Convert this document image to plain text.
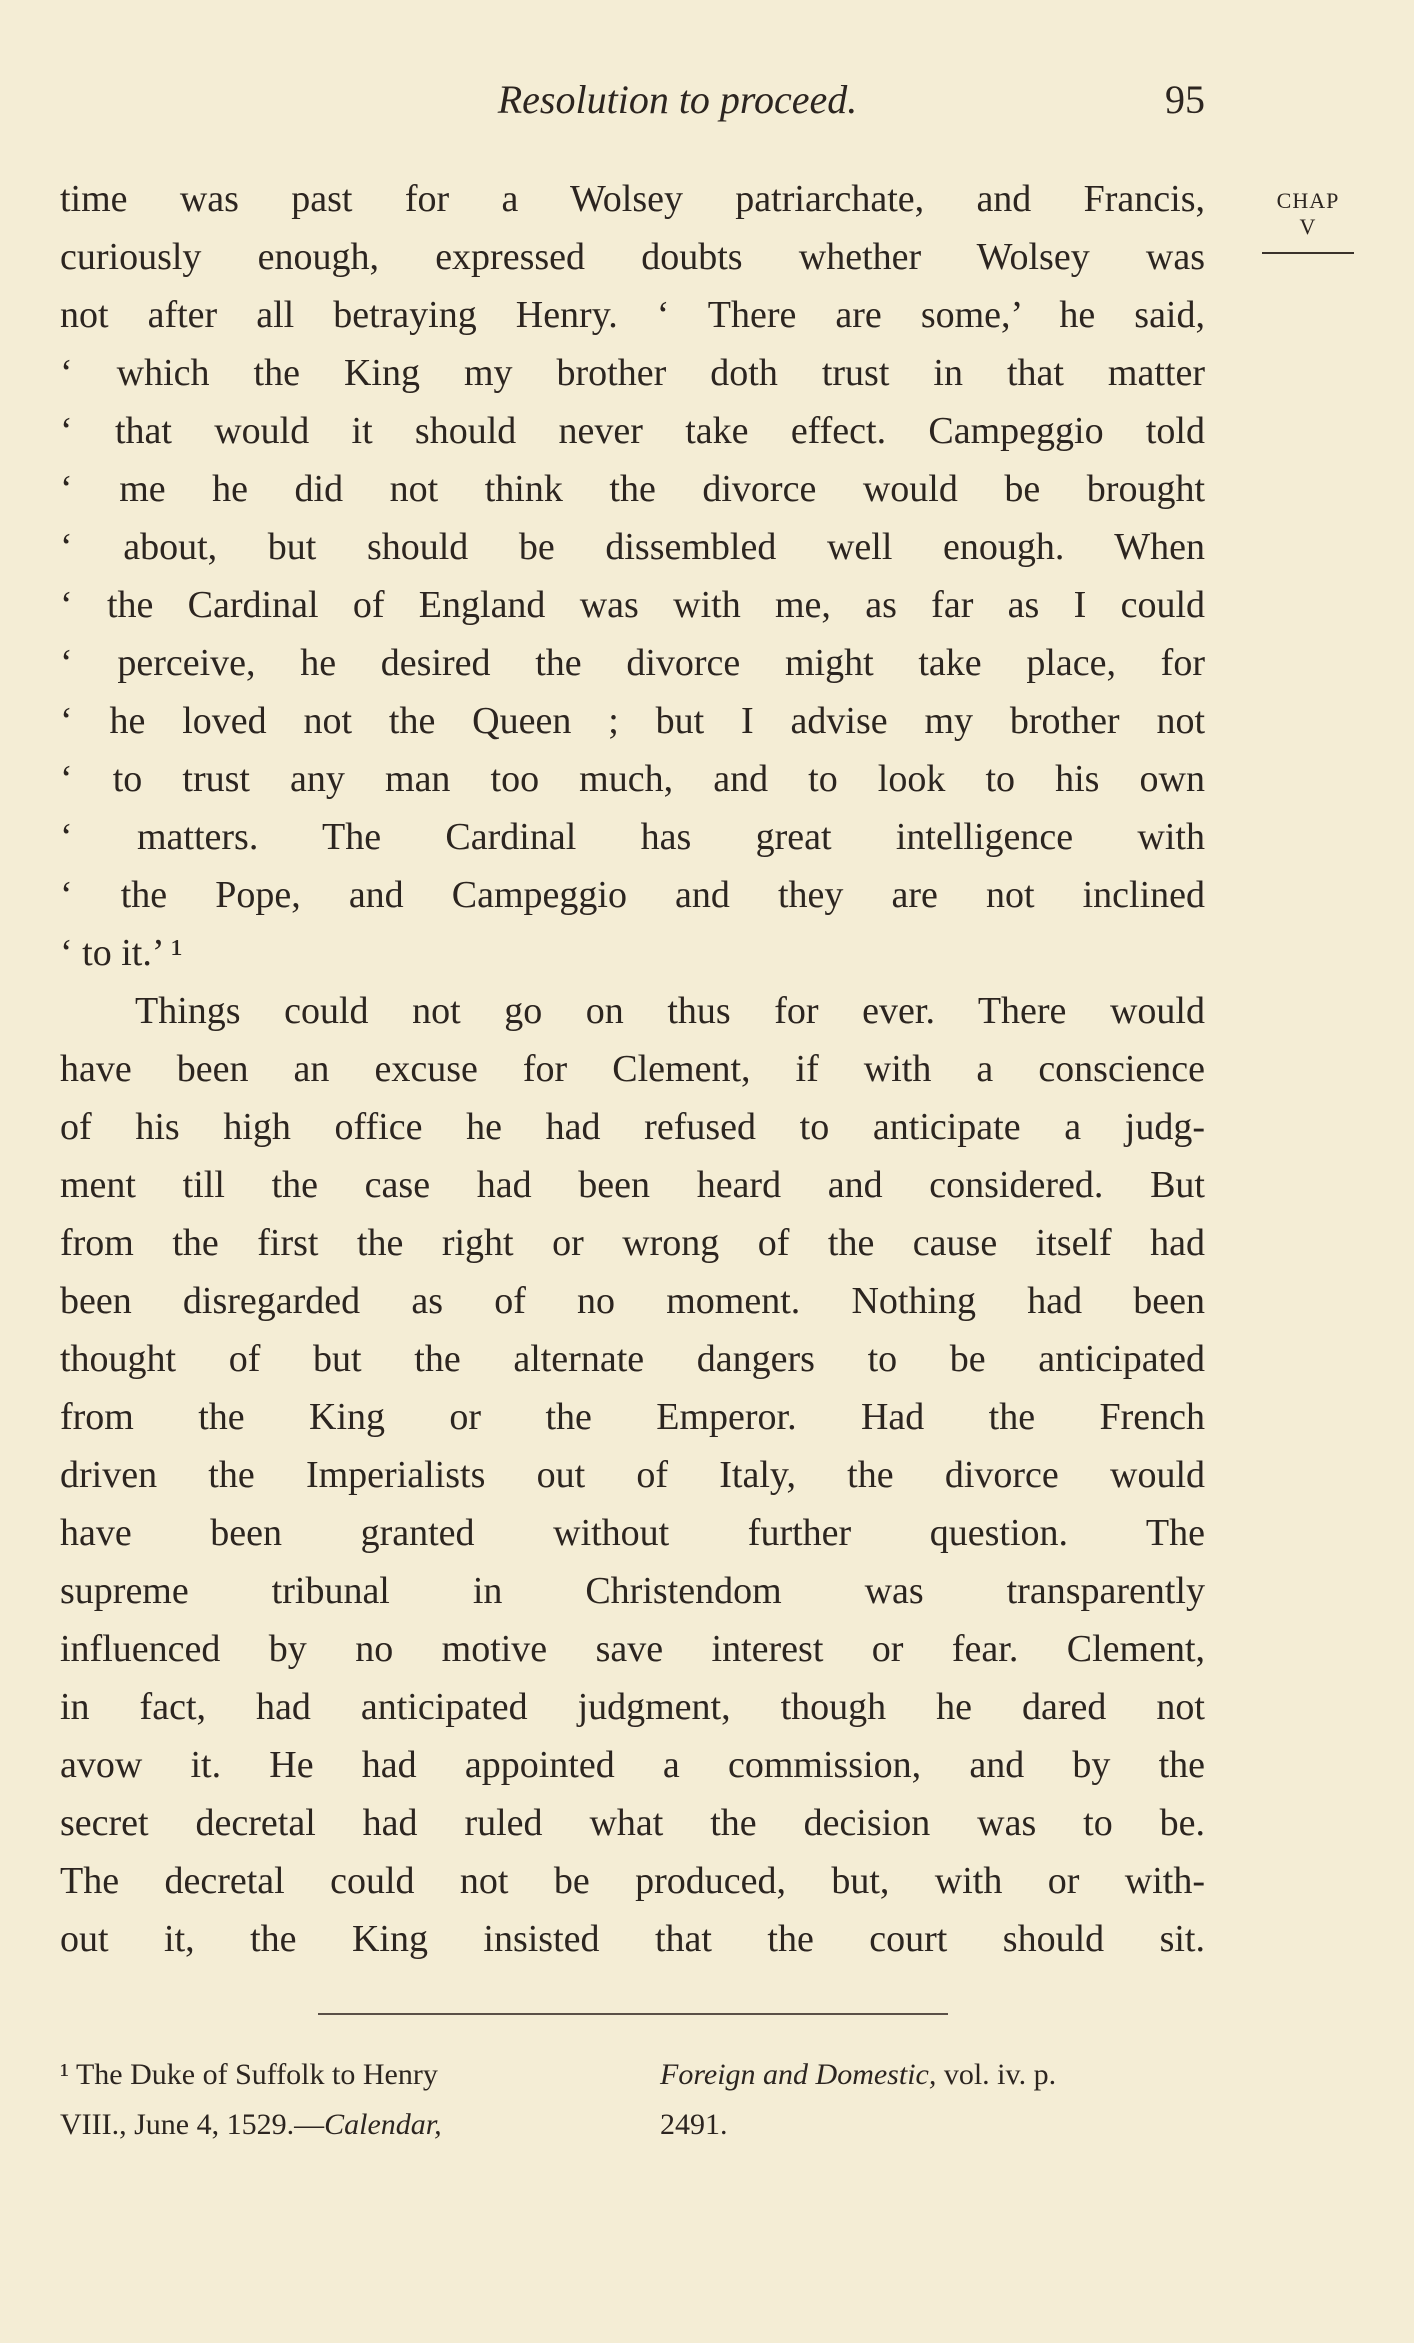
Resolution to proceed.	95
CHAP
V
time was past for a Wolsey patriarchate, and Francis,
curiously enough, expressed doubts whether Wolsey was
not after all betraying Henry. ‘ There are some,’ he said,
‘ which the King my brother doth trust in that matter
‘ that would it should never take effect. Campeggio told
‘ me he did not think the divorce would be brought
‘ about, but should be dissembled well enough. When
‘ the Cardinal of England was with me, as far as I could
‘ perceive, he desired the divorce might take place, for
‘ he loved not the Queen ; but I advise my brother not
‘ to trust any man too much, and to look to his own
‘ matters. The Cardinal has great intelligence with
‘ the Pope, and Campeggio and they are not inclined
‘ to it.’ ¹
Things could not go on thus for ever. There would
have been an excuse for Clement, if with a conscience
of his high office he had refused to anticipate a judg-
ment till the case had been heard and considered. But
from the first the right or wrong of the cause itself had
been disregarded as of no moment. Nothing had been
thought of but the alternate dangers to be anticipated
from the King or the Emperor. Had the French
driven the Imperialists out of Italy, the divorce would
have been granted without further question. The
supreme tribunal in Christendom was transparently
influenced by no motive save interest or fear. Clement,
in fact, had anticipated judgment, though he dared not
avow it. He had appointed a commission, and by the
secret decretal had ruled what the decision was to be.
The decretal could not be produced, but, with or with-
out it, the King insisted that the court should sit.
¹ The Duke of Suffolk to Henry
VIII., June 4, 1529.—Calendar,
Foreign and Domestic, vol. iv. p.
2491.
